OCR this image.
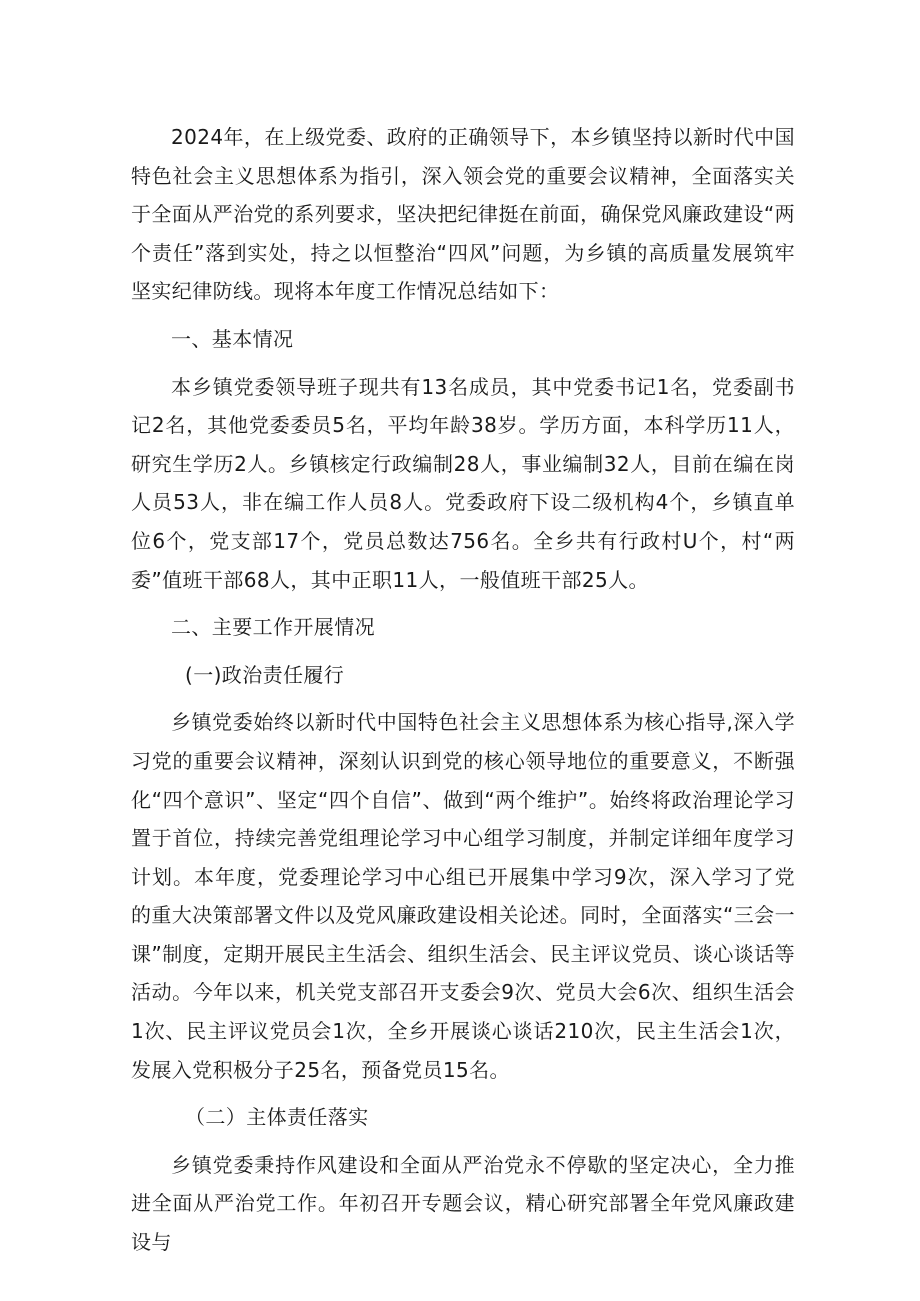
2024年，在上级党委、政府的正确领导下，本乡镇坚持以新时代中国特色社会主义思想体系为指引，深入领会党的重要会议精神，全面落实关于全面从严治党的系列要求，坚决把纪律挺在前面，确保党风廉政建设“两个责任”落到实处，持之以恒整治“四风”问题，为乡镇的高质量发展筑牢坚实纪律防线。现将本年度工作情况总结如下：

一、基本情况

本乡镇党委领导班子现共有13名成员，其中党委书记1名，党委副书记2名，其他党委委员5名，平均年龄38岁。学历方面，本科学历11人，研究生学历2人。乡镇核定行政编制28人，事业编制32人，目前在编在岗人员53人，非在编工作人员8人。党委政府下设二级机构4个，乡镇直单位6个，党支部17个，党员总数达756名。全乡共有行政村U个，村“两委”值班干部68人，其中正职11人，一般值班干部25人。

二、主要工作开展情况

(一)政治责任履行

乡镇党委始终以新时代中国特色社会主义思想体系为核心指导,深入学习党的重要会议精神，深刻认识到党的核心领导地位的重要意义，不断强化“四个意识”、坚定“四个自信”、做到“两个维护”。始终将政治理论学习置于首位，持续完善党组理论学习中心组学习制度，并制定详细年度学习计划。本年度，党委理论学习中心组已开展集中学习9次，深入学习了党的重大决策部署文件以及党风廉政建设相关论述。同时，全面落实“三会一课”制度，定期开展民主生活会、组织生活会、民主评议党员、谈心谈话等活动。今年以来，机关党支部召开支委会9次、党员大会6次、组织生活会1次、民主评议党员会1次，全乡开展谈心谈话210次，民主生活会1次，发展入党积极分子25名，预备党员15名。

（二）主体责任落实

乡镇党委秉持作风建设和全面从严治党永不停歇的坚定决心，全力推进全面从严治党工作。年初召开专题会议，精心研究部署全年党风廉政建设与
